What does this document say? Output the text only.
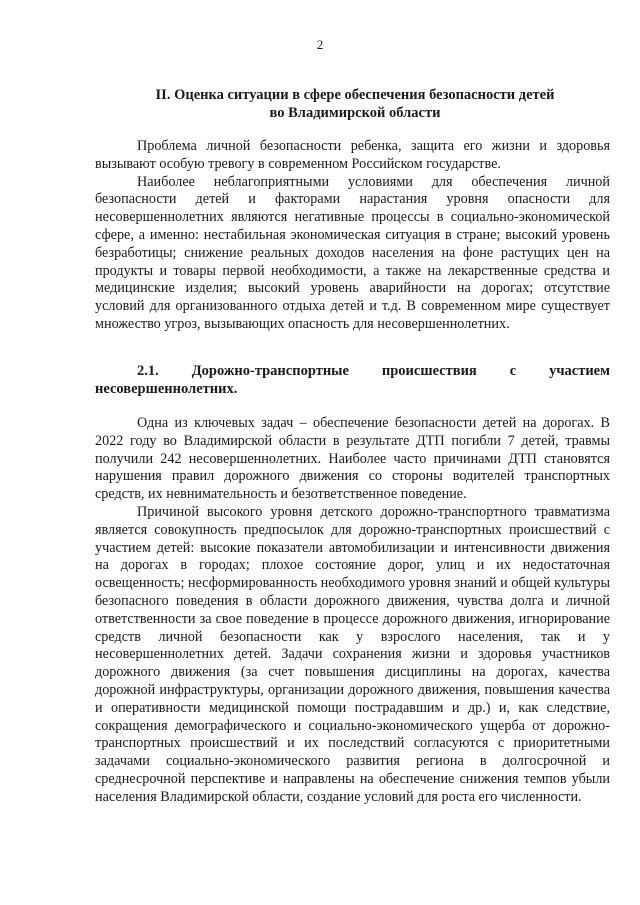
2
II. Оценка ситуации в сфере обеспечения безопасности детей
во Владимирской области

Проблема личной безопасности ребенка, защита его жизни и здоровья вызывают особую тревогу в современном Российском государстве.

Наиболее неблагоприятными условиями для обеспечения личной безопасности детей и факторами нарастания уровня опасности для несовершеннолетних являются негативные процессы в социально-экономической сфере, а именно: нестабильная экономическая ситуация в стране; высокий уровень безработицы; снижение реальных доходов населения на фоне растущих цен на продукты и товары первой необходимости, а также на лекарственные средства и медицинские изделия; высокий уровень аварийности на дорогах; отсутствие условий для организованного отдыха детей и т.д. В современном мире существует множество угроз, вызывающих опасность для несовершеннолетних.

2.1. Дорожно-транспортные происшествия с участием
несовершеннолетних.

Одна из ключевых задач – обеспечение безопасности детей на дорогах. В 2022 году во Владимирской области в результате ДТП погибли 7 детей, травмы получили 242 несовершеннолетних. Наиболее часто причинами ДТП становятся нарушения правил дорожного движения со стороны водителей транспортных средств, их невнимательность и безответственное поведение.

Причиной высокого уровня детского дорожно-транспортного травматизма является совокупность предпосылок для дорожно-транспортных происшествий с участием детей: высокие показатели автомобилизации и интенсивности движения на дорогах в городах; плохое состояние дорог, улиц и их недостаточная освещенность; несформированность необходимого уровня знаний и общей культуры безопасного поведения в области дорожного движения, чувства долга и личной ответственности за свое поведение в процессе дорожного движения, игнорирование средств личной безопасности как у взрослого населения, так и у несовершеннолетних детей. Задачи сохранения жизни и здоровья участников дорожного движения (за счет повышения дисциплины на дорогах, качества дорожной инфраструктуры, организации дорожного движения, повышения качества и оперативности медицинской помощи пострадавшим и др.) и, как следствие, сокращения демографического и социально-экономического ущерба от дорожно-транспортных происшествий и их последствий согласуются с приоритетными задачами социально-экономического развития региона в долгосрочной и среднесрочной перспективе и направлены на обеспечение снижения темпов убыли населения Владимирской области, создание условий для роста его численности.
